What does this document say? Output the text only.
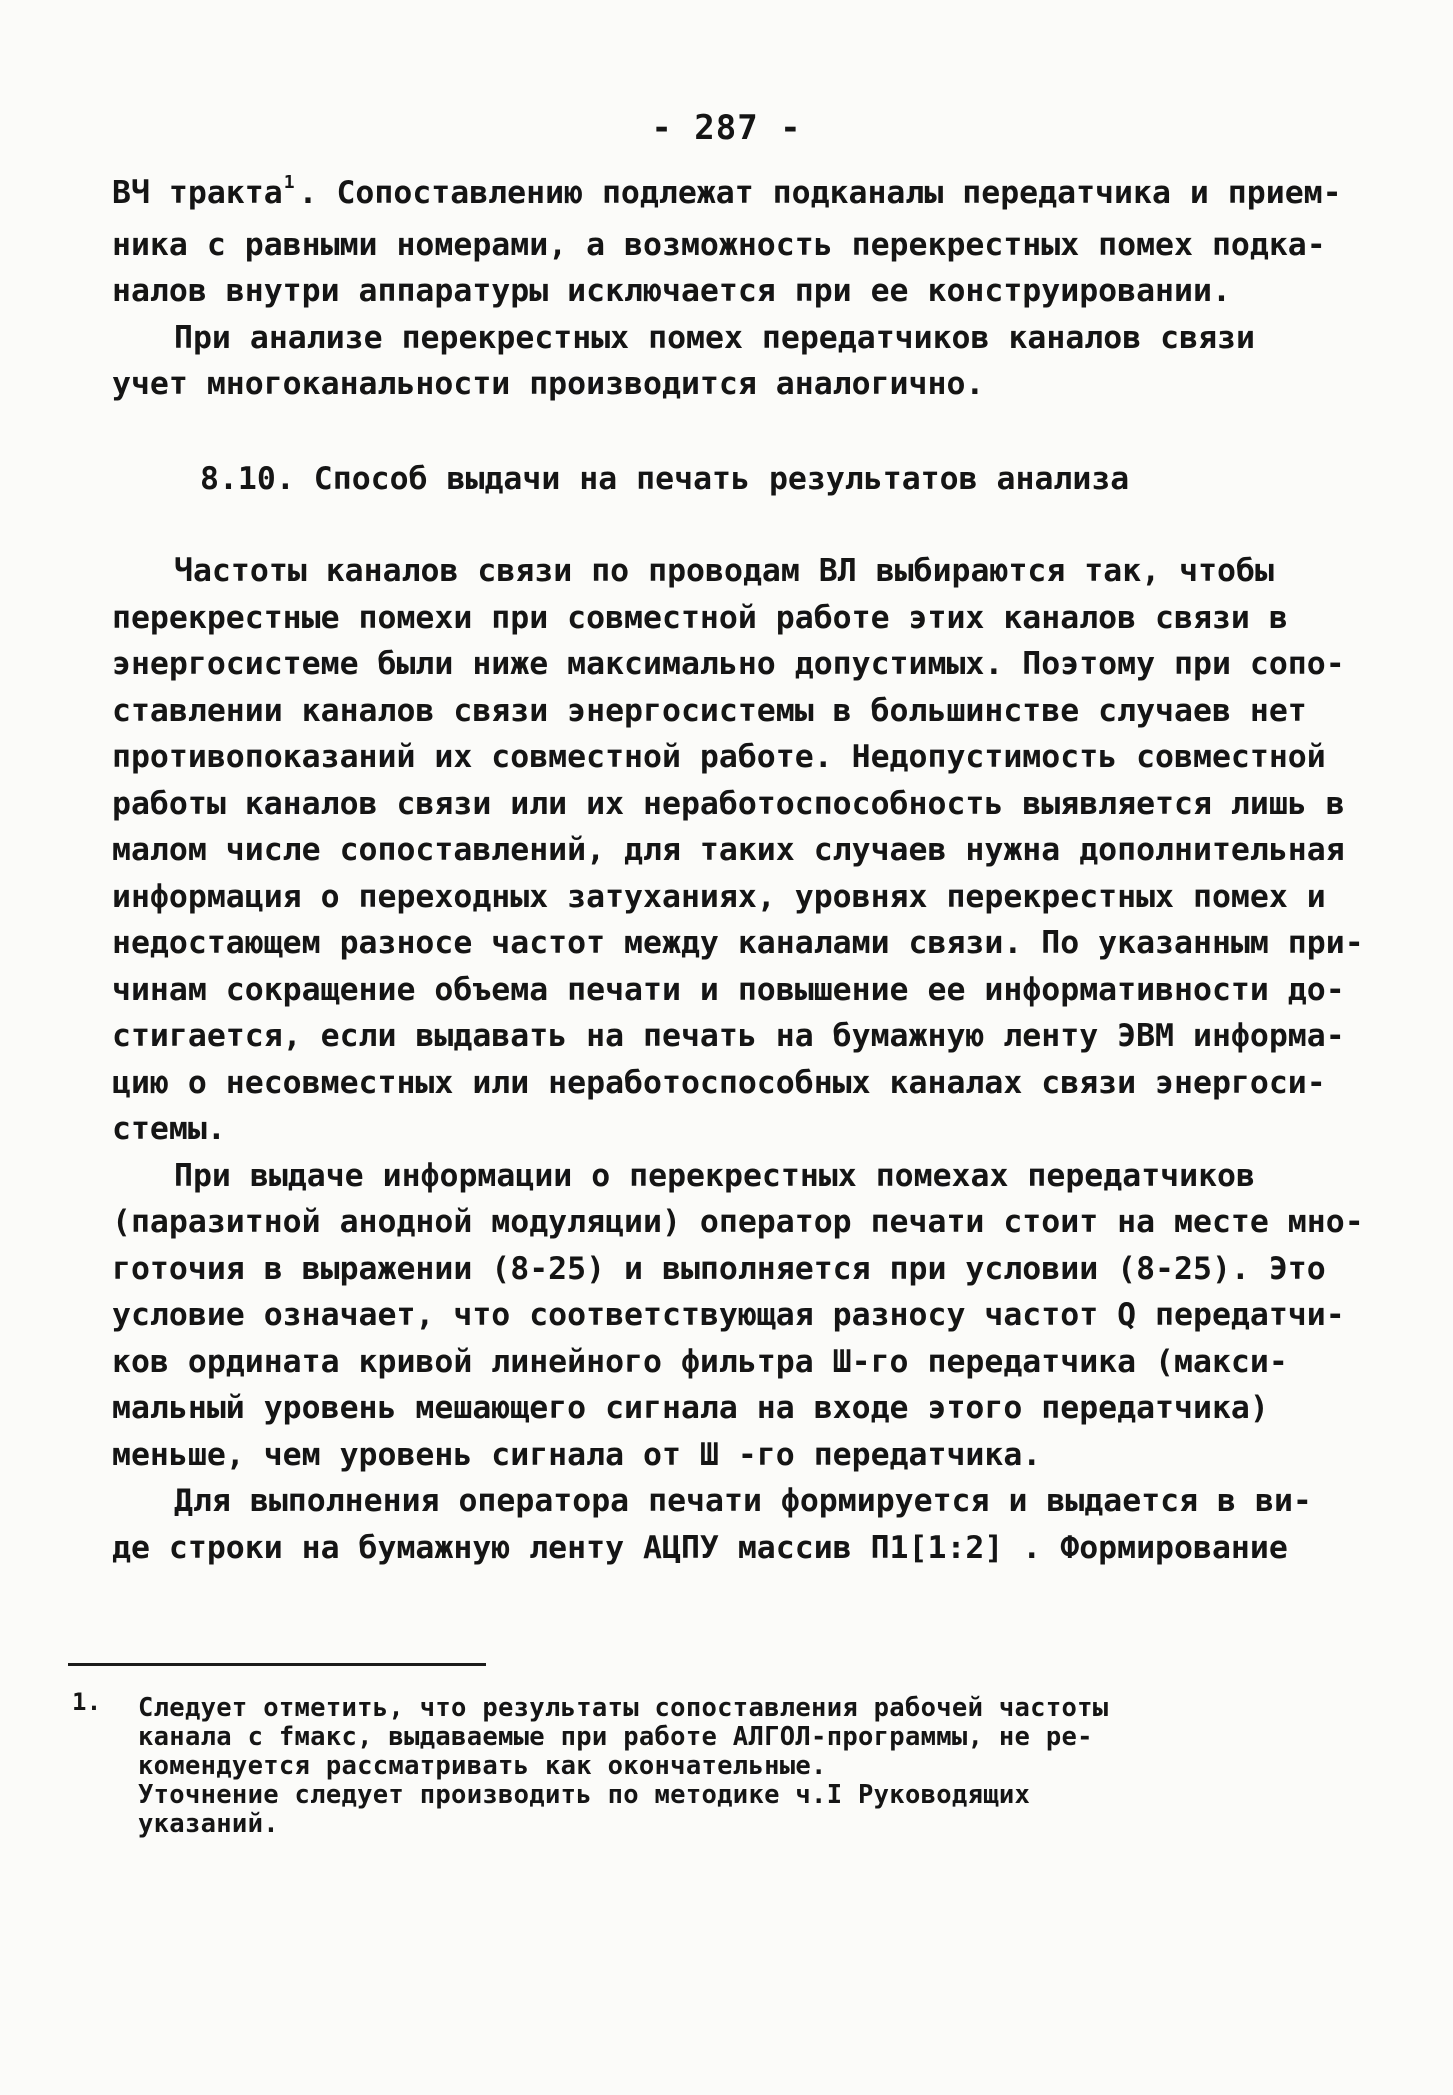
- 287 -
ВЧ тракта$^1$ . Сопоставлению подлежат подканалы передатчика и прием-
ника с равными номерами, а возможность перекрестных помех подка-
налов внутри аппаратуры исключается при ее конструировании.
При анализе перекрестных помех передатчиков каналов связи
учет многоканальности производится аналогично.
8.10. Способ выдачи на печать результатов анализа
Частоты каналов связи по проводам ВЛ выбираются так, чтобы
перекрестные помехи при совместной работе этих каналов связи в
энергосистеме были ниже максимально допустимых. Поэтому при сопо-
ставлении каналов связи энергосистемы в большинстве случаев нет
противопоказаний их совместной работе. Недопустимость совместной
работы каналов связи или их неработоспособность выявляется лишь в
малом числе сопоставлений, для таких случаев нужна дополнительная
информация о переходных затуханиях, уровнях перекрестных помех и
недостающем разносе частот между каналами связи. По указанным при-
чинам сокращение объема печати и повышение ее информативности до-
стигается, если выдавать на печать на бумажную ленту ЭВМ информа-
цию о несовместных или неработоспособных каналах связи энергоси-
стемы.
При выдаче информации о перекрестных помехах передатчиков
(паразитной анодной модуляции) оператор печати стоит на месте мно-
готочия в выражении (8-25) и выполняется при условии (8-25). Это
условие означает, что соответствующая разносу частот Q передатчи-
ков ордината кривой линейного фильтра Ш-го передатчика (макси-
мальный уровень мешающего сигнала на входе этого передатчика)
меньше, чем уровень сигнала от Ш -го передатчика.
Для выполнения оператора печати формируется и выдается в ви-
де строки на бумажную ленту АЦПУ массив П1[1:2] . Формирование
1. Следует отметить, что результаты сопоставления рабочей частоты
канала с fмакс, выдаваемые при работе АЛГОЛ-программы, не ре-
комендуется рассматривать как окончательные.
Уточнение следует производить по методике ч.I Руководящих
указаний.
